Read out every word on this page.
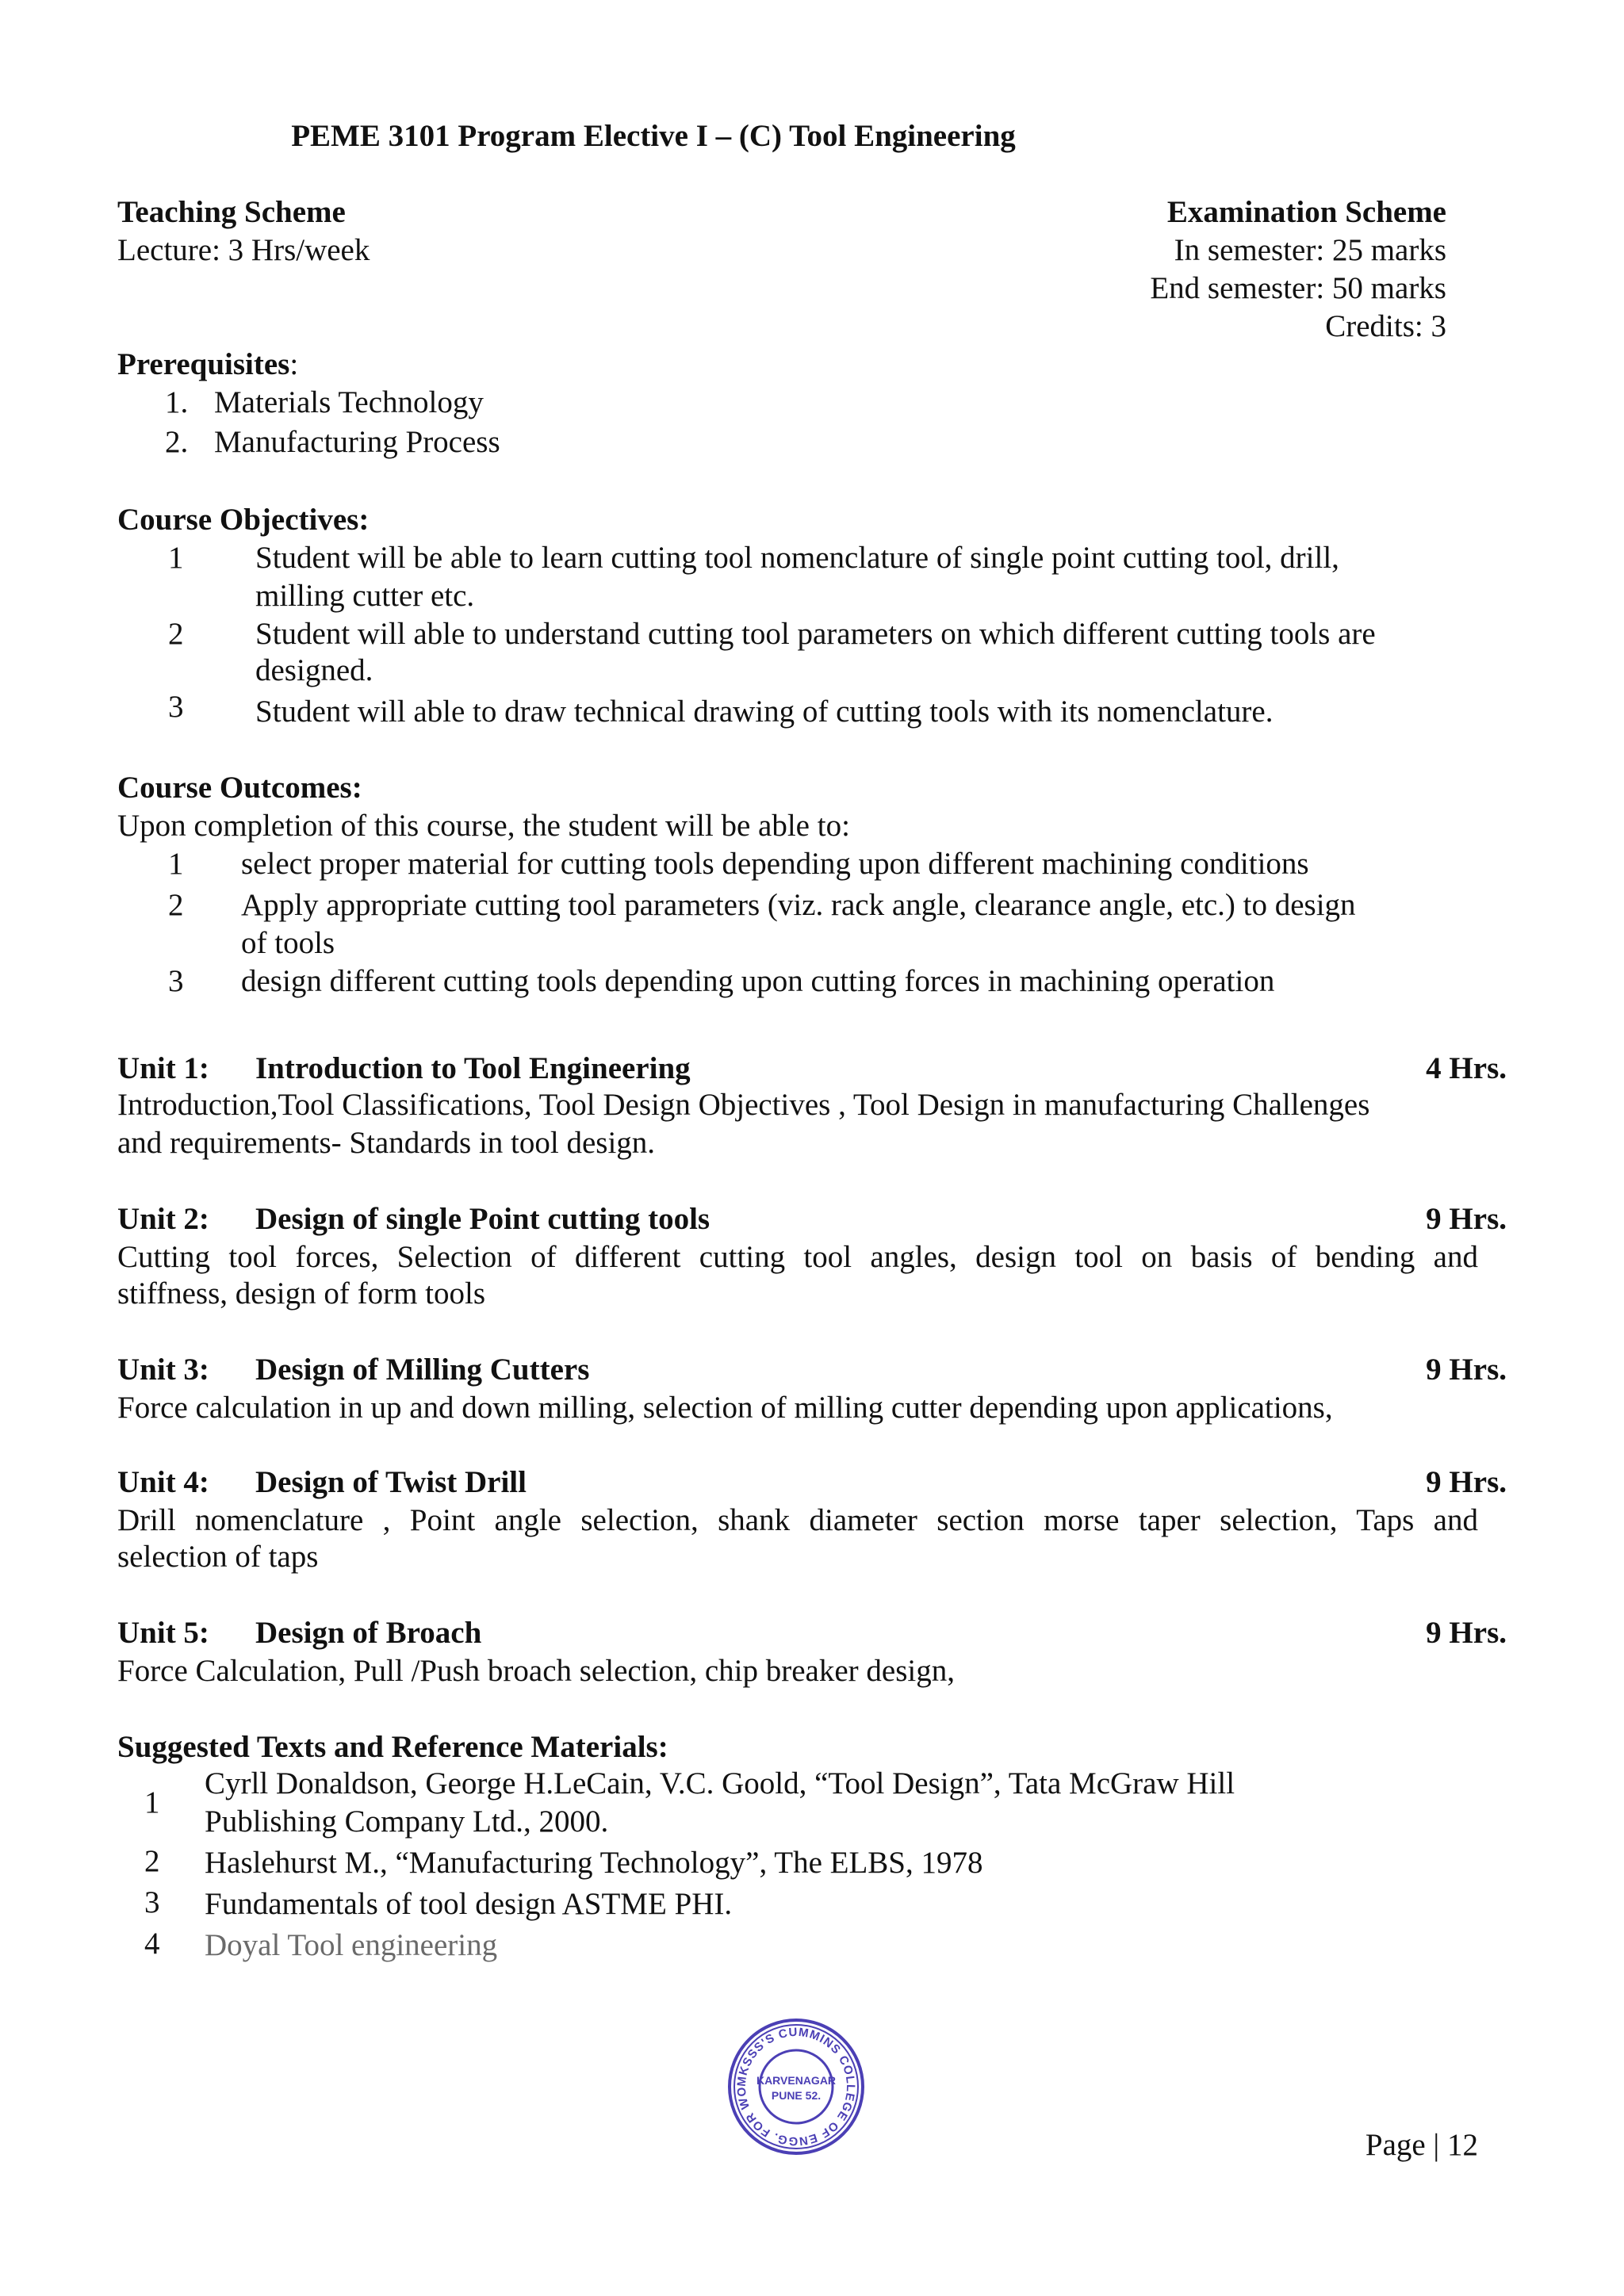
PEME 3101 Program Elective I – (C) Tool Engineering
Teaching Scheme
Lecture: 3 Hrs/week
Examination Scheme
In semester: 25 marks
End semester: 50 marks
Credits: 3
Prerequisites:
1. Materials Technology
2. Manufacturing Process
Course Objectives:
1 Student will be able to learn cutting tool nomenclature of single point cutting tool, drill,
milling cutter etc.
2 Student will able to understand cutting tool parameters on which different cutting tools are
designed.
3 Student will able to draw technical drawing of cutting tools with its nomenclature.
Course Outcomes:
Upon completion of this course, the student will be able to:
1 select proper material for cutting tools depending upon different machining conditions
2 Apply appropriate cutting tool parameters (viz. rack angle, clearance angle, etc.) to design
of tools
3 design different cutting tools depending upon cutting forces in machining operation
Unit 1: Introduction to Tool Engineering	4 Hrs.
Introduction,Tool Classifications, Tool Design Objectives , Tool Design in manufacturing Challenges
and requirements- Standards in tool design.
Unit 2: Design of single Point cutting tools	9 Hrs.
Cutting tool forces, Selection of different cutting tool angles, design tool on basis of bending and
stiffness, design of form tools
Unit 3: Design of Milling Cutters	9 Hrs.
Force calculation in up and down milling, selection of milling cutter depending upon applications,
Unit 4: Design of Twist Drill	9 Hrs.
Drill nomenclature , Point angle selection, shank diameter section morse taper selection, Taps and
selection of taps
Unit 5: Design of Broach	9 Hrs.
Force Calculation, Pull /Push broach selection, chip breaker design,
Suggested Texts and Reference Materials:
1
Cyrll Donaldson, George H.LeCain, V.C. Goold, “Tool Design”, Tata McGraw Hill
Publishing Company Ltd., 2000.
2 Haslehurst M., “Manufacturing Technology”, The ELBS, 1978
3 Fundamentals of tool design ASTME PHI.
4 Doyal Tool engineering
MKSSS'S CUMMINS COLLEGE OF ENGG. FOR WO
KARVENAGAR
PUNE 52.
Page | 12
